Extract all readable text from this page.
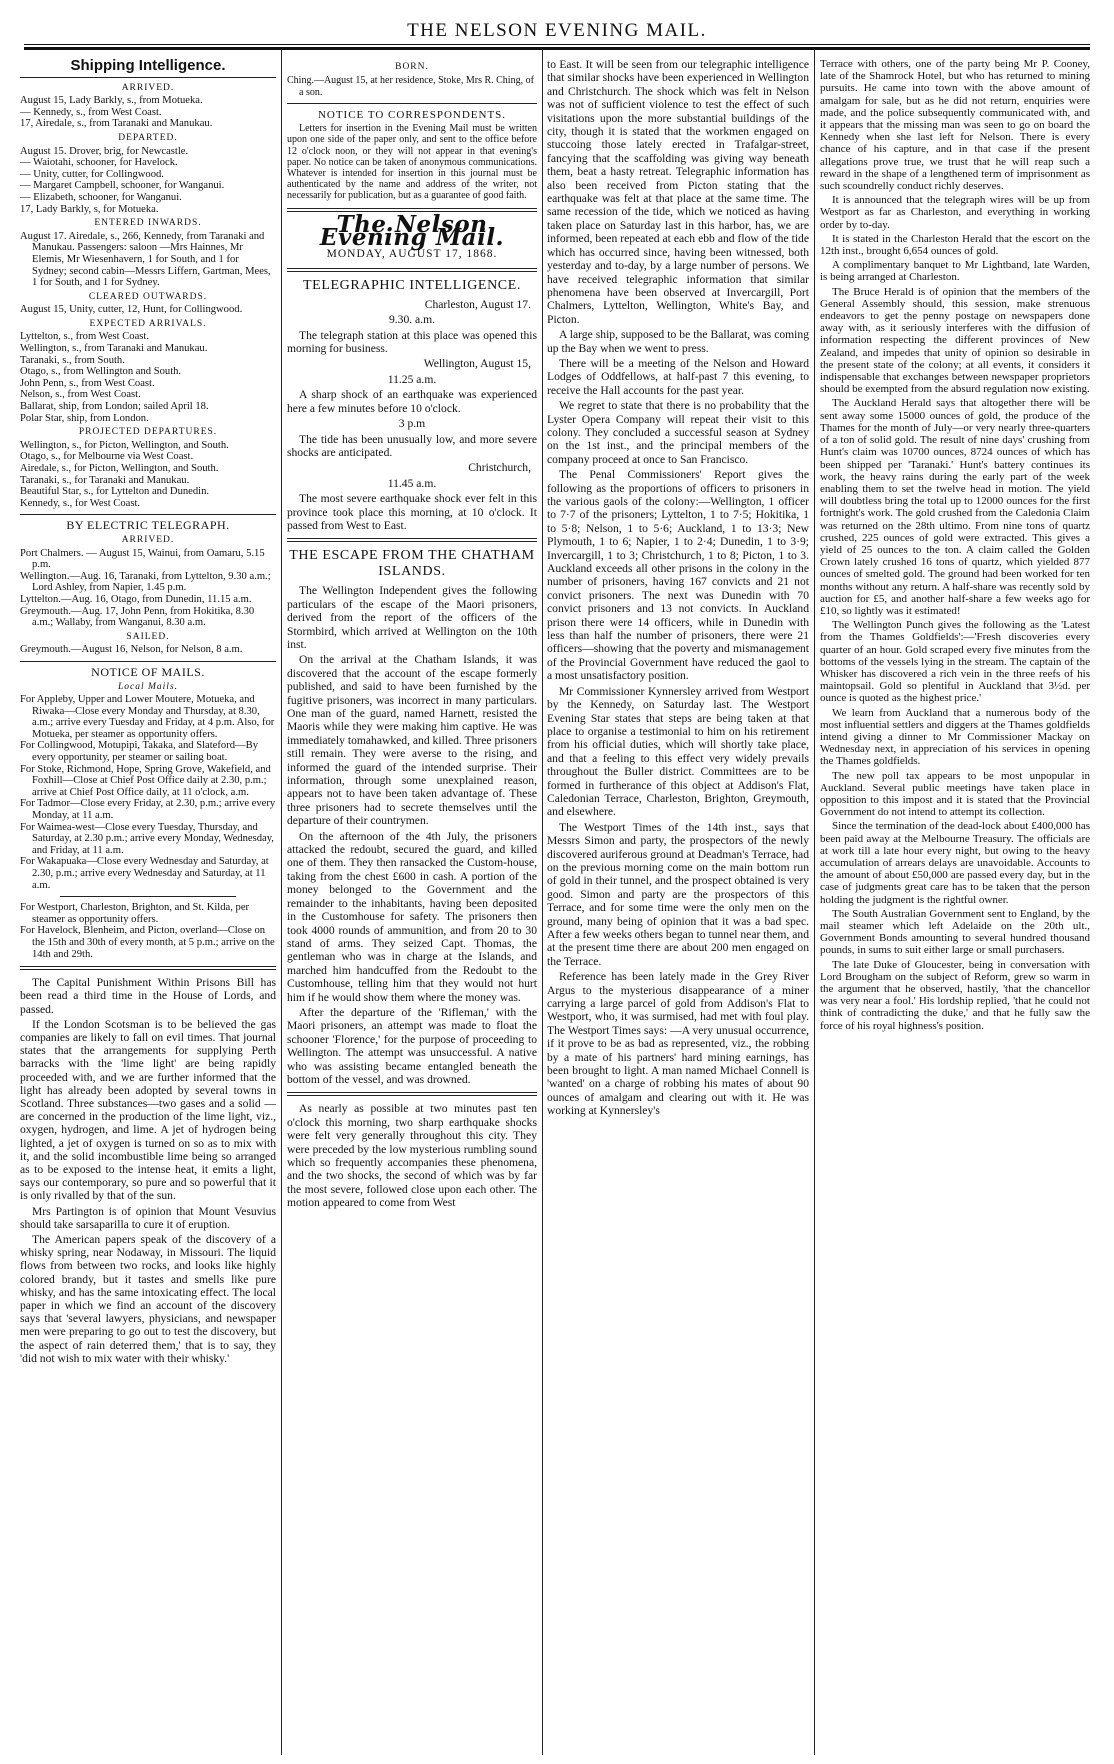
THE NELSON EVENING MAIL.
Shipping Intelligence.
ARRIVED.
August 15, Lady Barkly, s., from Motueka.
— Kennedy, s., from West Coast.
17, Airedale, s., from Taranaki and Manukau.
DEPARTED.
August 15. Drover, brig, for Newcastle.
— Waiotahi, schooner, for Havelock.
— Unity, cutter, for Collingwood.
— Margaret Campbell, schooner, for Wanganui.
— Elizabeth, schooner, for Wanganui.
17, Lady Barkly, s, for Motueka.
ENTERED INWARDS.
August 17. Airedale, s., 266, Kennedy, from Taranaki and Manukau. Passengers: saloon —Mrs Hainnes, Mr Elemis, Mr Wiesenhavern, 1 for South, and 1 for Sydney; second cabin—Messrs Liffern, Gartman, Mees, 1 for South, and 1 for Sydney.
CLEARED OUTWARDS.
August 15, Unity, cutter, 12, Hunt, for Collingwood.
EXPECTED ARRIVALS.
Lyttelton, s., from West Coast.
Wellington, s., from Taranaki and Manukau.
Taranaki, s., from South.
Otago, s., from Wellington and South.
John Penn, s., from West Coast.
Nelson, s., from West Coast.
Ballarat, ship, from London; sailed April 18.
Polar Star, ship, from London.
PROJECTED DEPARTURES.
Wellington, s., for Picton, Wellington, and South.
Otago, s., for Melbourne via West Coast.
Airedale, s., for Picton, Wellington, and South.
Taranaki, s., for Taranaki and Manukau.
Beautiful Star, s., for Lyttelton and Dunedin.
Kennedy, s., for West Coast.
BY ELECTRIC TELEGRAPH.
ARRIVED.
Port Chalmers. — August 15, Wainui, from Oamaru, 5.15 p.m.
Wellington.—Aug. 16, Taranaki, from Lyttelton, 9.30 a.m.; Lord Ashley, from Napier, 1.45 p.m.
Lyttelton.—Aug. 16, Otago, from Dunedin, 11.15 a.m.
Greymouth.—Aug. 17, John Penn, from Hokitika, 8.30 a.m.; Wallaby, from Wanganui, 8.30 a.m.
SAILED.
Greymouth.—August 16, Nelson, for Nelson, 8 a.m.
NOTICE OF MAILS.
Local Mails.
For Appleby, Upper and Lower Moutere, Motueka, and Riwaka—Close every Monday and Thursday, at 8.30, a.m.; arrive every Tuesday and Friday, at 4 p.m. Also, for Motueka, per steamer as opportunity offers.
For Collingwood, Motupipi, Takaka, and Slateford—By every opportunity, per steamer or sailing boat.
For Stoke, Richmond, Hope, Spring Grove, Wakefield, and Foxhill—Close at Chief Post Office daily at 2.30, p.m.; arrive at Chief Post Office daily, at 11 o'clock, a.m.
For Tadmor—Close every Friday, at 2.30, p.m.; arrive every Monday, at 11 a.m.
For Waimea-west—Close every Tuesday, Thursday, and Saturday, at 2.30 p.m.; arrive every Monday, Wednesday, and Friday, at 11 a.m.
For Wakapuaka—Close every Wednesday and Saturday, at 2.30, p.m.; arrive every Wednesday and Saturday, at 11 a.m.
For Westport, Charleston, Brighton, and St. Kilda, per steamer as opportunity offers.
For Havelock, Blenheim, and Picton, overland—Close on the 15th and 30th of every month, at 5 p.m.; arrive on the 14th and 29th.

The Capital Punishment Within Prisons Bill has been read a third time in the House of Lords, and passed.

If the London Scotsman is to be believed the gas companies are likely to fall on evil times. That journal states that the arrangements for supplying Perth barracks with the 'lime light' are being rapidly proceeded with, and we are further informed that the light has already been adopted by several towns in Scotland. Three substances—two gases and a solid —are concerned in the production of the lime light, viz., oxygen, hydrogen, and lime. A jet of hydrogen being lighted, a jet of oxygen is turned on so as to mix with it, and the solid incombustible lime being so arranged as to be exposed to the intense heat, it emits a light, says our contemporary, so pure and so powerful that it is only rivalled by that of the sun.

Mrs Partington is of opinion that Mount Vesuvius should take sarsaparilla to cure it of eruption.

The American papers speak of the discovery of a whisky spring, near Nodaway, in Missouri. The liquid flows from between two rocks, and looks like highly colored brandy, but it tastes and smells like pure whisky, and has the same intoxicating effect. The local paper in which we find an account of the discovery says that 'several lawyers, physicians, and newspaper men were preparing to go out to test the discovery, but the aspect of rain deterred them,' that is to say, they 'did not wish to mix water with their whisky.'

BORN.
Ching.—August 15, at her residence, Stoke, Mrs R. Ching, of a son.
NOTICE TO CORRESPONDENTS.

Letters for insertion in the Evening Mail must be written upon one side of the paper only, and sent to the office before 12 o'clock noon, or they will not appear in that evening's paper. No notice can be taken of anonymous communications. Whatever is intended for insertion in this journal must be authenticated by the name and address of the writer, not necessarily for publication, but as a guarantee of good faith.

The Nelson Evening Mail.
MONDAY, AUGUST 17, 1868.
TELEGRAPHIC INTELLIGENCE.

Charleston, August 17.

9.30. a.m.

The telegraph station at this place was opened this morning for business.

Wellington, August 15,

11.25 a.m.

A sharp shock of an earthquake was experienced here a few minutes before 10 o'clock.

3 p.m

The tide has been unusually low, and more severe shocks are anticipated.

Christchurch,

11.45 a.m.

The most severe earthquake shock ever felt in this province took place this morning, at 10 o'clock. It passed from West to East.

THE ESCAPE FROM THE CHATHAM ISLANDS.

The Wellington Independent gives the following particulars of the escape of the Maori prisoners, derived from the report of the officers of the Stormbird, which arrived at Wellington on the 10th inst.

On the arrival at the Chatham Islands, it was discovered that the account of the escape formerly published, and said to have been furnished by the fugitive prisoners, was incorrect in many particulars. One man of the guard, named Harnett, resisted the Maoris while they were making him captive. He was immediately tomahawked, and killed. Three prisoners still remain. They were averse to the rising, and informed the guard of the intended surprise. Their information, through some unexplained reason, appears not to have been taken advantage of. These three prisoners had to secrete themselves until the departure of their countrymen.

On the afternoon of the 4th July, the prisoners attacked the redoubt, secured the guard, and killed one of them. They then ransacked the Custom-house, taking from the chest £600 in cash. A portion of the money belonged to the Government and the remainder to the inhabitants, having been deposited in the Customhouse for safety. The prisoners then took 4000 rounds of ammunition, and from 20 to 30 stand of arms. They seized Capt. Thomas, the gentleman who was in charge at the Islands, and marched him handcuffed from the Redoubt to the Customhouse, telling him that they would not hurt him if he would show them where the money was.

After the departure of the 'Rifleman,' with the Maori prisoners, an attempt was made to float the schooner 'Florence,' for the purpose of proceeding to Wellington. The attempt was unsuccessful. A native who was assisting became entangled beneath the bottom of the vessel, and was drowned.

As nearly as possible at two minutes past ten o'clock this morning, two sharp earthquake shocks were felt very generally throughout this city. They were preceded by the low mysterious rumbling sound which so frequently accompanies these phenomena, and the two shocks, the second of which was by far the most severe, followed close upon each other. The motion appeared to come from West

to East. It will be seen from our telegraphic intelligence that similar shocks have been experienced in Wellington and Christchurch. The shock which was felt in Nelson was not of sufficient violence to test the effect of such visitations upon the more substantial buildings of the city, though it is stated that the workmen engaged on stuccoing those lately erected in Trafalgar-street, fancying that the scaffolding was giving way beneath them, beat a hasty retreat. Telegraphic information has also been received from Picton stating that the earthquake was felt at that place at the same time. The same recession of the tide, which we noticed as having taken place on Saturday last in this harbor, has, we are informed, been repeated at each ebb and flow of the tide which has occurred since, having been witnessed, both yesterday and to-day, by a large number of persons. We have received telegraphic information that similar phenomena have been observed at Invercargill, Port Chalmers, Lyttelton, Wellington, White's Bay, and Picton.

A large ship, supposed to be the Ballarat, was coming up the Bay when we went to press.

There will be a meeting of the Nelson and Howard Lodges of Oddfellows, at half-past 7 this evening, to receive the Hall accounts for the past year.

We regret to state that there is no probability that the Lyster Opera Company will repeat their visit to this colony. They concluded a successful season at Sydney on the 1st inst., and the principal members of the company proceed at once to San Francisco.

The Penal Commissioners' Report gives the following as the proportions of officers to prisoners in the various gaols of the colony:—Wellington, 1 officer to 7·7 of the prisoners; Lyttelton, 1 to 7·5; Hokitika, 1 to 5·8; Nelson, 1 to 5·6; Auckland, 1 to 13·3; New Plymouth, 1 to 6; Napier, 1 to 2·4; Dunedin, 1 to 3·9; Invercargill, 1 to 3; Christchurch, 1 to 8; Picton, 1 to 3. Auckland exceeds all other prisons in the colony in the number of prisoners, having 167 convicts and 21 not convict prisoners. The next was Dunedin with 70 convict prisoners and 13 not convicts. In Auckland prison there were 14 officers, while in Dunedin with less than half the number of prisoners, there were 21 officers—showing that the poverty and mismanagement of the Provincial Government have reduced the gaol to a most unsatisfactory position.

Mr Commissioner Kynnersley arrived from Westport by the Kennedy, on Saturday last. The Westport Evening Star states that steps are being taken at that place to organise a testimonial to him on his retirement from his official duties, which will shortly take place, and that a feeling to this effect very widely prevails throughout the Buller district. Committees are to be formed in furtherance of this object at Addison's Flat, Caledonian Terrace, Charleston, Brighton, Greymouth, and elsewhere.

The Westport Times of the 14th inst., says that Messrs Simon and party, the prospectors of the newly discovered auriferous ground at Deadman's Terrace, had on the previous morning come on the main bottom run of gold in their tunnel, and the prospect obtained is very good. Simon and party are the prospectors of this Terrace, and for some time were the only men on the ground, many being of opinion that it was a bad spec. After a few weeks others began to tunnel near them, and at the present time there are about 200 men engaged on the Terrace.

Reference has been lately made in the Grey River Argus to the mysterious disappearance of a miner carrying a large parcel of gold from Addison's Flat to Westport, who, it was surmised, had met with foul play. The Westport Times says: —A very unusual occurrence, if it prove to be as bad as represented, viz., the robbing by a mate of his partners' hard mining earnings, has been brought to light. A man named Michael Connell is 'wanted' on a charge of robbing his mates of about 90 ounces of amalgam and clearing out with it. He was working at Kynnersley's

Terrace with others, one of the party being Mr P. Cooney, late of the Shamrock Hotel, but who has returned to mining pursuits. He came into town with the above amount of amalgam for sale, but as he did not return, enquiries were made, and the police subsequently communicated with, and it appears that the missing man was seen to go on board the Kennedy when she last left for Nelson. There is every chance of his capture, and in that case if the present allegations prove true, we trust that he will reap such a reward in the shape of a lengthened term of imprisonment as such scoundrelly conduct richly deserves.

It is announced that the telegraph wires will be up from Westport as far as Charleston, and everything in working order by to-day.

It is stated in the Charleston Herald that the escort on the 12th inst., brought 6,654 ounces of gold.

A complimentary banquet to Mr Lightband, late Warden, is being arranged at Charleston.

The Bruce Herald is of opinion that the members of the General Assembly should, this session, make strenuous endeavors to get the penny postage on newspapers done away with, as it seriously interferes with the diffusion of information respecting the different provinces of New Zealand, and impedes that unity of opinion so desirable in the present state of the colony; at all events, it considers it indispensable that exchanges between newspaper proprietors should be exempted from the absurd regulation now existing.

The Auckland Herald says that altogether there will be sent away some 15000 ounces of gold, the produce of the Thames for the month of July—or very nearly three-quarters of a ton of solid gold. The result of nine days' crushing from Hunt's claim was 10700 ounces, 8724 ounces of which has been shipped per 'Taranaki.' Hunt's battery continues its work, the heavy rains during the early part of the week enabling them to set the twelve head in motion. The yield will doubtless bring the total up to 12000 ounces for the first fortnight's work. The gold crushed from the Caledonia Claim was returned on the 28th ultimo. From nine tons of quartz crushed, 225 ounces of gold were extracted. This gives a yield of 25 ounces to the ton. A claim called the Golden Crown lately crushed 16 tons of quartz, which yielded 877 ounces of smelted gold. The ground had been worked for ten months without any return. A half-share was recently sold by auction for £5, and another half-share a few weeks ago for £10, so lightly was it estimated!

The Wellington Punch gives the following as the 'Latest from the Thames Goldfields':—'Fresh discoveries every quarter of an hour. Gold scraped every five minutes from the bottoms of the vessels lying in the stream. The captain of the Whisker has discovered a rich vein in the three reefs of his maintopsail. Gold so plentiful in Auckland that 3½d. per ounce is quoted as the highest price.'

We learn from Auckland that a numerous body of the most influential settlers and diggers at the Thames goldfields intend giving a dinner to Mr Commissioner Mackay on Wednesday next, in appreciation of his services in opening the Thames goldfields.

The new poll tax appears to be most unpopular in Auckland. Several public meetings have taken place in opposition to this impost and it is stated that the Provincial Government do not intend to attempt its collection.

Since the termination of the dead-lock about £400,000 has been paid away at the Melbourne Treasury. The officials are at work till a late hour every night, but owing to the heavy accumulation of arrears delays are unavoidable. Accounts to the amount of about £50,000 are passed every day, but in the case of judgments great care has to be taken that the person holding the judgment is the rightful owner.

The South Australian Government sent to England, by the mail steamer which left Adelaide on the 20th ult., Government Bonds amounting to several hundred thousand pounds, in sums to suit either large or small purchasers.

The late Duke of Gloucester, being in conversation with Lord Brougham on the subject of Reform, grew so warm in the argument that he observed, hastily, 'that the chancellor was very near a fool.' His lordship replied, 'that he could not think of contradicting the duke,' and that he fully saw the force of his royal highness's position.
